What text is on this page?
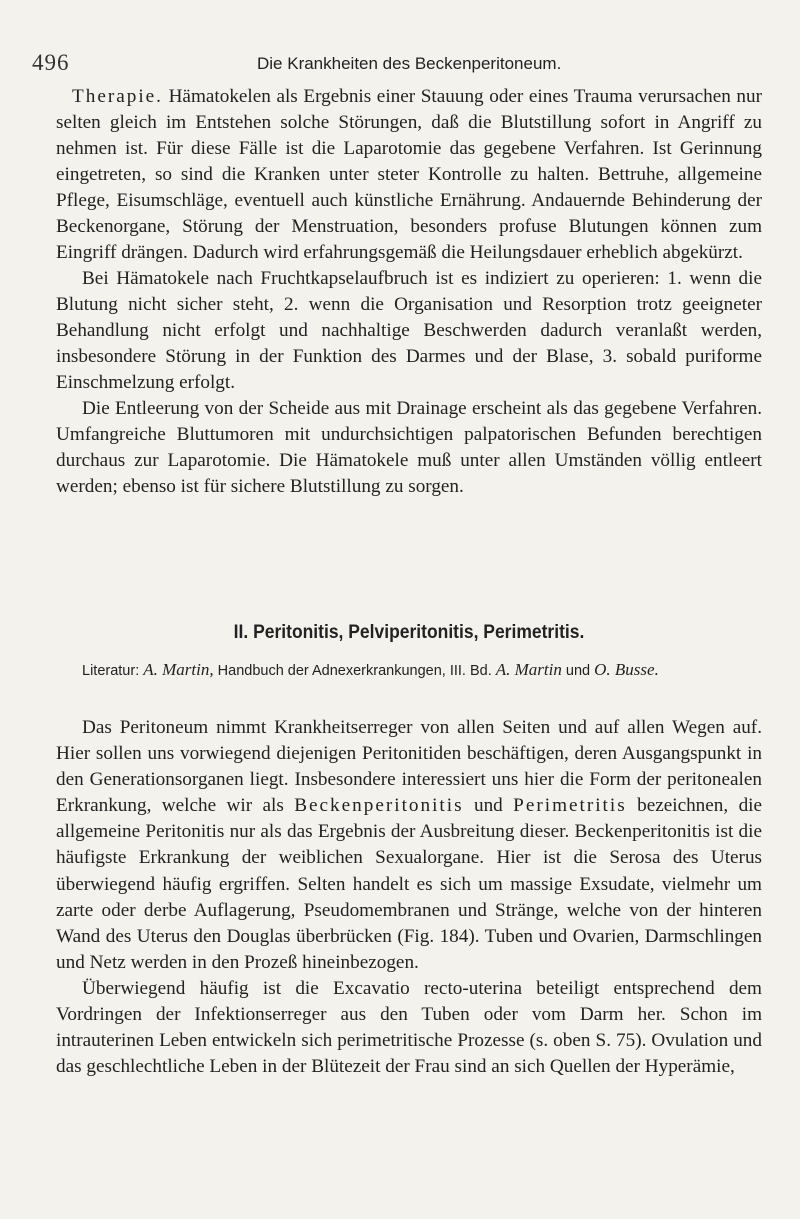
496	Die Krankheiten des Beckenperitoneum.

Therapie. Hämatokelen als Ergebnis einer Stauung oder eines Trauma verursachen nur selten gleich im Entstehen solche Störungen, daß die Blutstillung sofort in Angriff zu nehmen ist. Für diese Fälle ist die Laparotomie das gegebene Verfahren. Ist Gerinnung eingetreten, so sind die Kranken unter steter Kontrolle zu halten. Bettruhe, allgemeine Pflege, Eisumschläge, eventuell auch künstliche Ernährung. Andauernde Behinderung der Beckenorgane, Störung der Menstruation, besonders profuse Blutungen können zum Eingriff drängen. Dadurch wird erfahrungsgemäß die Heilungsdauer erheblich abgekürzt.

Bei Hämatokele nach Fruchtkapselaufbruch ist es indiziert zu operieren: 1. wenn die Blutung nicht sicher steht, 2. wenn die Organisation und Resorption trotz geeigneter Behandlung nicht erfolgt und nachhaltige Beschwerden dadurch veranlaßt werden, insbesondere Störung in der Funktion des Darmes und der Blase, 3. sobald puriforme Einschmelzung erfolgt.

Die Entleerung von der Scheide aus mit Drainage erscheint als das gegebene Verfahren. Umfangreiche Bluttumoren mit undurchsichtigen palpatorischen Befunden berechtigen durchaus zur Laparotomie. Die Hämatokele muß unter allen Umständen völlig entleert werden; ebenso ist für sichere Blutstillung zu sorgen.

II. Peritonitis, Pelviperitonitis, Perimetritis.
Literatur: A. Martin, Handbuch der Adnexerkrankungen, III. Bd. A. Martin und O. Busse.

Das Peritoneum nimmt Krankheitserreger von allen Seiten und auf allen Wegen auf. Hier sollen uns vorwiegend diejenigen Peritonitiden beschäftigen, deren Ausgangspunkt in den Generationsorganen liegt. Insbesondere interessiert uns hier die Form der peritonealen Erkrankung, welche wir als Beckenperitonitis und Perimetritis bezeichnen, die allgemeine Peritonitis nur als das Ergebnis der Ausbreitung dieser. Beckenperitonitis ist die häufigste Erkrankung der weiblichen Sexualorgane. Hier ist die Serosa des Uterus überwiegend häufig ergriffen. Selten handelt es sich um massige Exsudate, vielmehr um zarte oder derbe Auflagerung, Pseudomembranen und Stränge, welche von der hinteren Wand des Uterus den Douglas überbrücken (Fig. 184). Tuben und Ovarien, Darmschlingen und Netz werden in den Prozeß hineinbezogen.

Überwiegend häufig ist die Excavatio recto-uterina beteiligt entsprechend dem Vordringen der Infektionserreger aus den Tuben oder vom Darm her. Schon im intrauterinen Leben entwickeln sich perimetritische Prozesse (s. oben S. 75). Ovulation und das geschlechtliche Leben in der Blütezeit der Frau sind an sich Quellen der Hyperämie,
